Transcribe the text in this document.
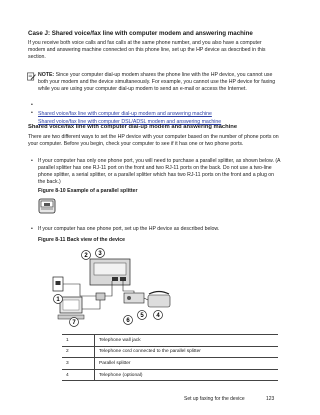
Case J: Shared voice/fax line with computer modem and answering machine
If you receive both voice calls and fax calls at the same phone number, and you also have a computer modem and answering machine connected on this phone line, set up the HP device as described in this section.
NOTE: Since your computer dial-up modem shares the phone line with the HP device, you cannot use both your modem and the device simultaneously. For example, you cannot use the HP device for faxing while you are using your computer dial-up modem to send an e-mail or access the Internet.
•
Shared voice/fax line with computer dial-up modem and answering machine
•
Shared voice/fax line with computer DSL/ADSL modem and answering machine
Shared voice/fax line with computer dial-up modem and answering machine
There are two different ways to set the HP device with your computer based on the number of phone ports on your computer. Before you begin, check your computer to see if it has one or two phone ports.
• If your computer has only one phone port, you will need to purchase a parallel splitter, as shown below. (A parallel splitter has one RJ-11 port on the front and two RJ-11 ports on the back. Do not use a two-line phone splitter, a serial splitter, or a parallel splitter which has two RJ-11 ports on the front and a plug on the back.)
Figure 8-10 Example of a parallel splitter
• If your computer has one phone port, set up the HP device as described below.
Figure 8-11 Back view of the device
2 3
1
4
5
6
7
1	Telephone wall jack
2	Telephone cord connected to the parallel splitter
3	Parallel splitter
4	Telephone (optional)
Set up faxing for the device	123
